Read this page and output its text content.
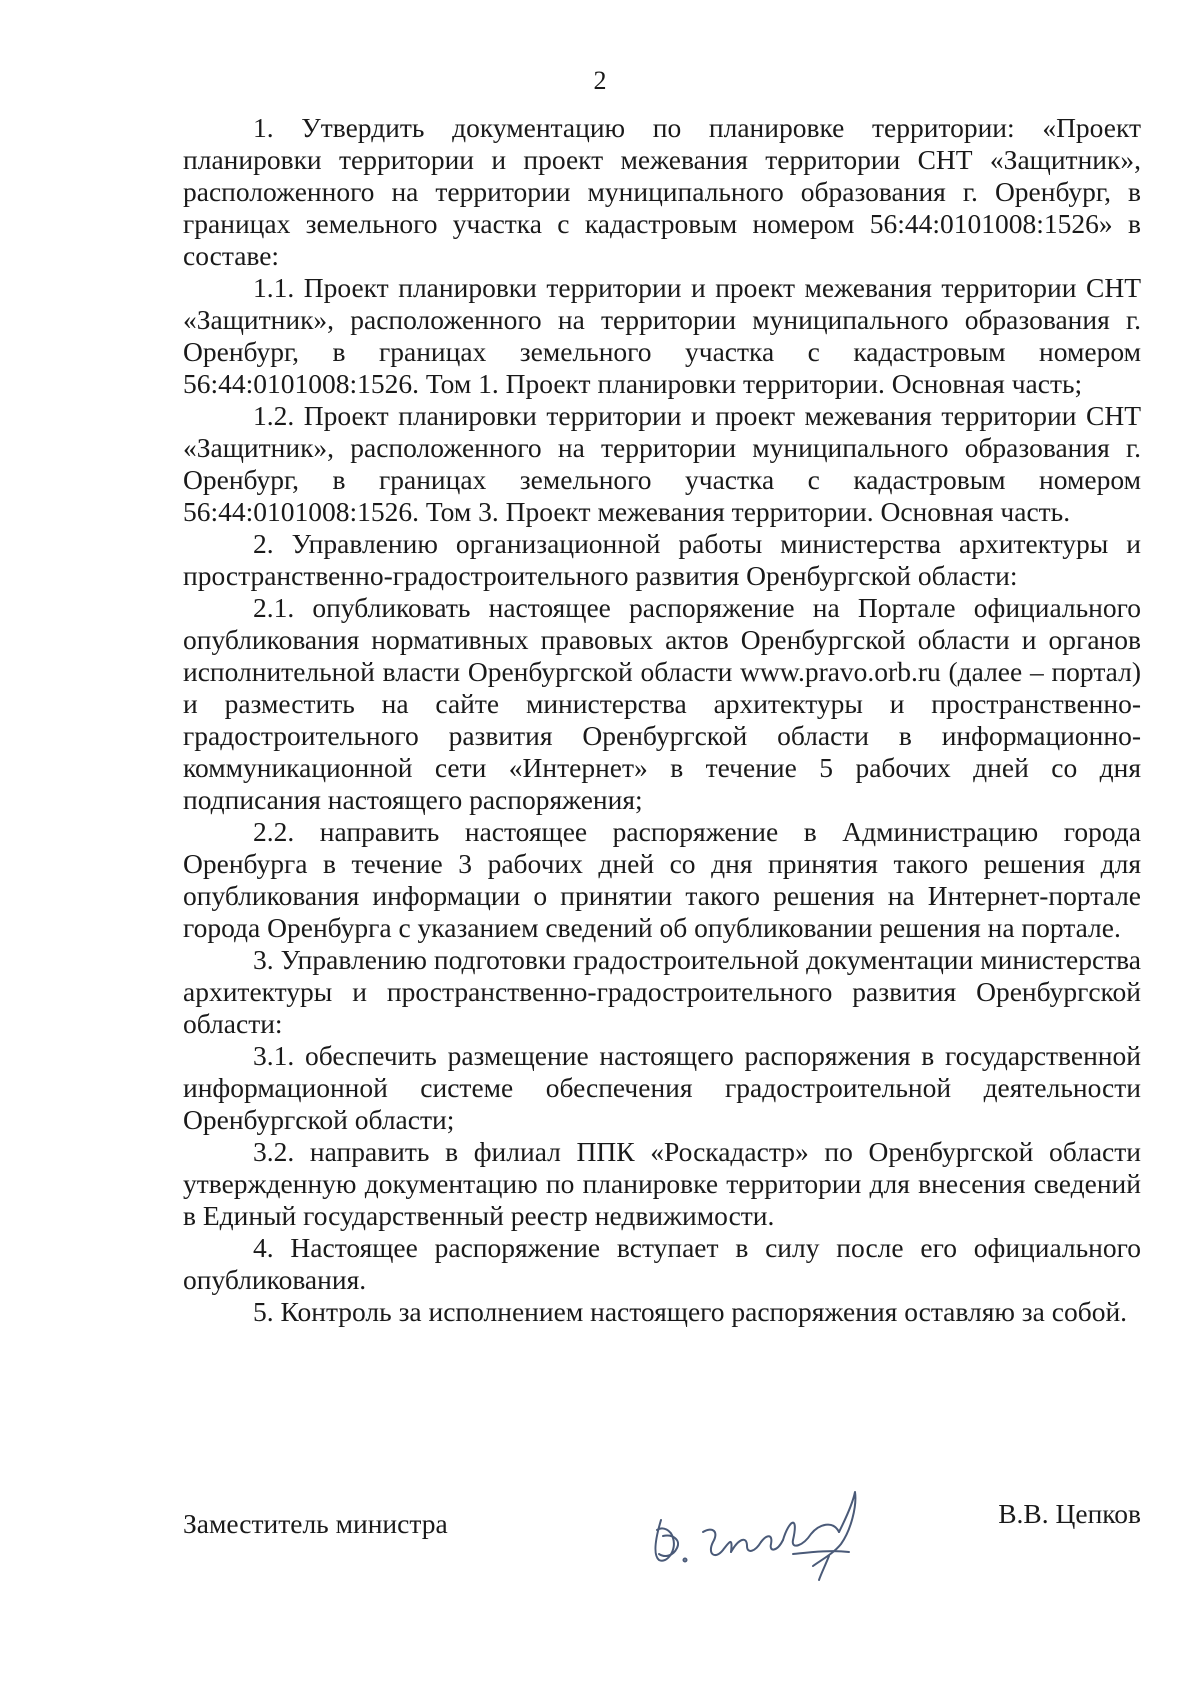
2

1. Утвердить документацию по планировке территории: «Проект планировки территории и проект межевания территории СНТ «Защитник», расположенного на территории муниципального образования г. Оренбург, в границах земельного участка с кадастровым номером 56:44:0101008:1526» в составе:

1.1. Проект планировки территории и проект межевания территории СНТ «Защитник», расположенного на территории муниципального образования г. Оренбург, в границах земельного участка с кадастровым номером 56:44:0101008:1526. Том 1. Проект планировки территории. Основная часть;

1.2. Проект планировки территории и проект межевания территории СНТ «Защитник», расположенного на территории муниципального образования г. Оренбург, в границах земельного участка с кадастровым номером 56:44:0101008:1526. Том 3. Проект межевания территории. Основная часть.

2. Управлению организационной работы министерства архитектуры и пространственно-градостроительного развития Оренбургской области:

2.1. опубликовать настоящее распоряжение на Портале официального опубликования нормативных правовых актов Оренбургской области и органов исполнительной власти Оренбургской области www.pravo.orb.ru (далее – портал) и разместить на сайте министерства архитектуры и пространственно-градостроительного развития Оренбургской области в информационно-коммуникационной сети «Интернет» в течение 5 рабочих дней со дня подписания настоящего распоряжения;

2.2. направить настоящее распоряжение в Администрацию города Оренбурга в течение 3 рабочих дней со дня принятия такого решения для опубликования информации о принятии такого решения на Интернет-портале города Оренбурга с указанием сведений об опубликовании решения на портале.

3. Управлению подготовки градостроительной документации министерства архитектуры и пространственно-градостроительного развития Оренбургской области:

3.1. обеспечить размещение настоящего распоряжения в государственной информационной системе обеспечения градостроительной деятельности Оренбургской области;

3.2. направить в филиал ППК «Роскадастр» по Оренбургской области утвержденную документацию по планировке территории для внесения сведений в Единый государственный реестр недвижимости.

4. Настоящее распоряжение вступает в силу после его официального опубликования.

5. Контроль за исполнением настоящего распоряжения оставляю за собой.

Заместитель министра	В.В. Цепков
